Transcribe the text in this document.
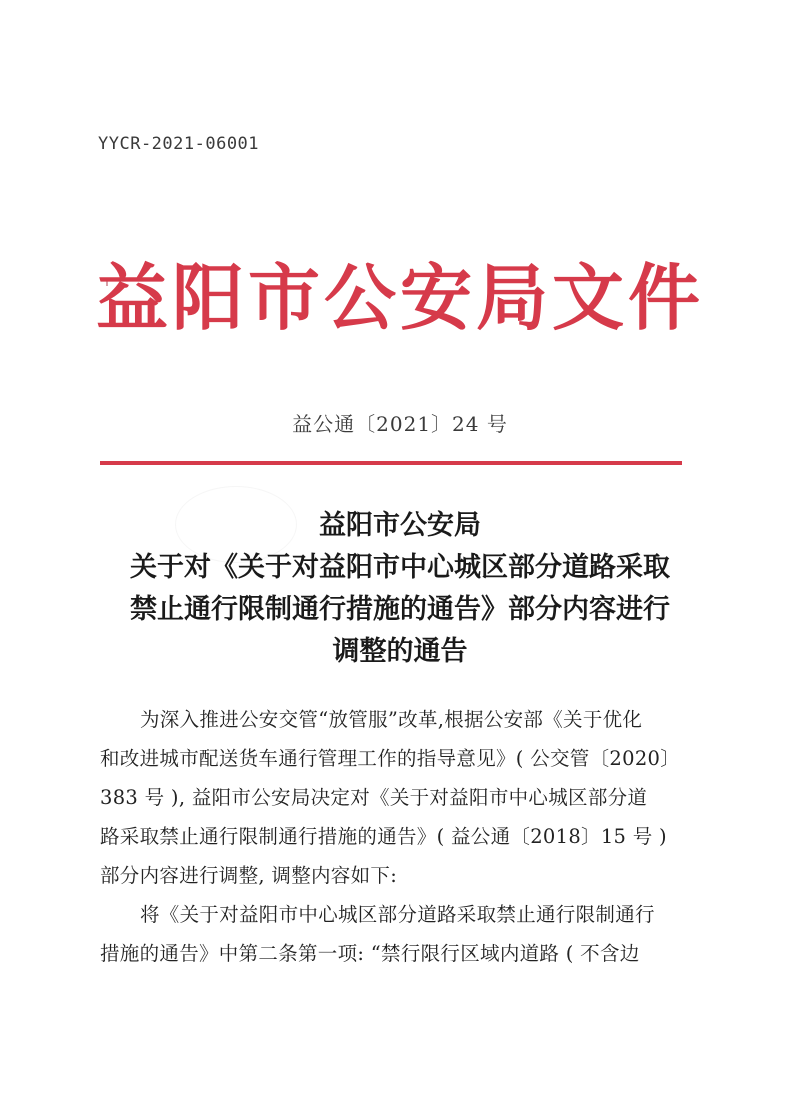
YYCR-2021-06001
益阳市公安局文件
益公通〔2021〕24 号
益阳市公安局
关于对《关于对益阳市中心城区部分道路采取
禁止通行限制通行措施的通告》部分内容进行
调整的通告
为深入推进公安交管“放管服”改革,根据公安部《关于优化
和改进城市配送货车通行管理工作的指导意见》( 公交管〔2020〕
383 号 ), 益阳市公安局决定对《关于对益阳市中心城区部分道
路采取禁止通行限制通行措施的通告》( 益公通〔2018〕15 号 )
部分内容进行调整, 调整内容如下:
将《关于对益阳市中心城区部分道路采取禁止通行限制通行
措施的通告》中第二条第一项: “禁行限行区域内道路 ( 不含边
